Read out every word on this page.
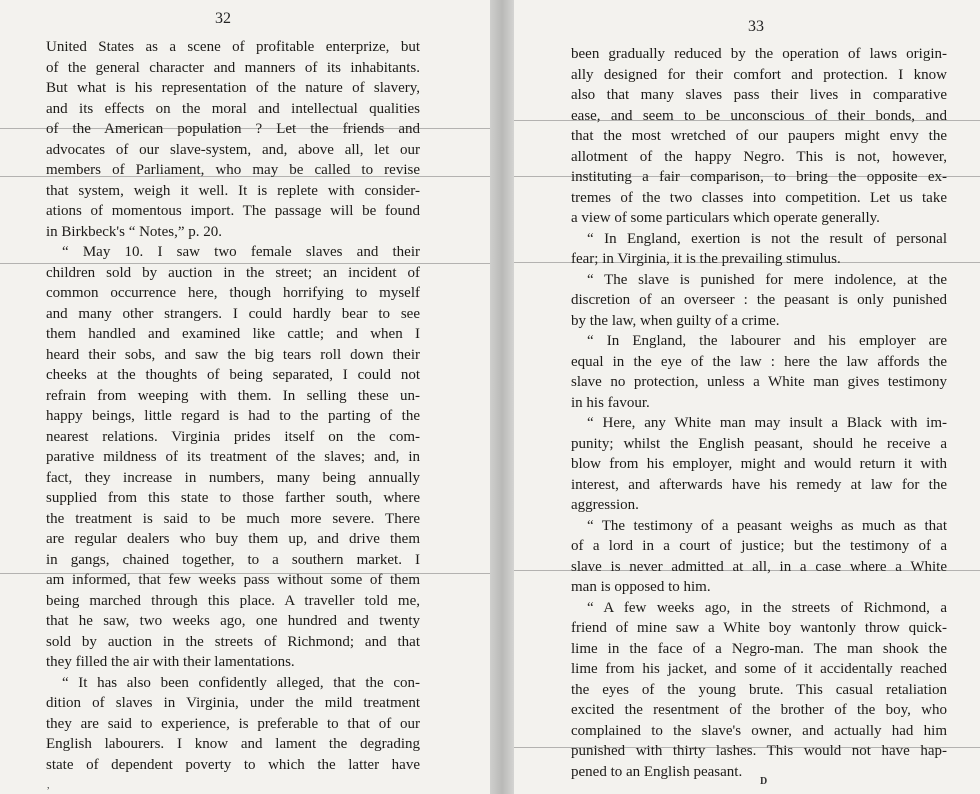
32
United States as a scene of profitable enterprize, but
of the general character and manners of its inhabitants.
But what is his representation of the nature of slavery,
and its effects on the moral and intellectual qualities
of the American population ? Let the friends and
advocates of our slave-system, and, above all, let our
members of Parliament, who may be called to revise
that system, weigh it well. It is replete with consider-
ations of momentous import. The passage will be found
in Birkbeck's “ Notes,” p. 20.
“ May 10. I saw two female slaves and their
children sold by auction in the street; an incident of
common occurrence here, though horrifying to myself
and many other strangers. I could hardly bear to see
them handled and examined like cattle; and when I
heard their sobs, and saw the big tears roll down their
cheeks at the thoughts of being separated, I could not
refrain from weeping with them. In selling these un-
happy beings, little regard is had to the parting of the
nearest relations. Virginia prides itself on the com-
parative mildness of its treatment of the slaves; and, in
fact, they increase in numbers, many being annually
supplied from this state to those farther south, where
the treatment is said to be much more severe. There
are regular dealers who buy them up, and drive them
in gangs, chained together, to a southern market. I
am informed, that few weeks pass without some of them
being marched through this place. A traveller told me,
that he saw, two weeks ago, one hundred and twenty
sold by auction in the streets of Richmond; and that
they filled the air with their lamentations.
“ It has also been confidently alleged, that the con-
dition of slaves in Virginia, under the mild treatment
they are said to experience, is preferable to that of our
English labourers. I know and lament the degrading
state of dependent poverty to which the latter have
,
33
been gradually reduced by the operation of laws origin-
ally designed for their comfort and protection. I know
also that many slaves pass their lives in comparative
ease, and seem to be unconscious of their bonds, and
that the most wretched of our paupers might envy the
allotment of the happy Negro. This is not, however,
instituting a fair comparison, to bring the opposite ex-
tremes of the two classes into competition. Let us take
a view of some particulars which operate generally.
“ In England, exertion is not the result of personal
fear; in Virginia, it is the prevailing stimulus.
“ The slave is punished for mere indolence, at the
discretion of an overseer : the peasant is only punished
by the law, when guilty of a crime.
“ In England, the labourer and his employer are
equal in the eye of the law : here the law affords the
slave no protection, unless a White man gives testimony
in his favour.
“ Here, any White man may insult a Black with im-
punity; whilst the English peasant, should he receive a
blow from his employer, might and would return it with
interest, and afterwards have his remedy at law for the
aggression.
“ The testimony of a peasant weighs as much as that
of a lord in a court of justice; but the testimony of a
slave is never admitted at all, in a case where a White
man is opposed to him.
“ A few weeks ago, in the streets of Richmond, a
friend of mine saw a White boy wantonly throw quick-
lime in the face of a Negro-man. The man shook the
lime from his jacket, and some of it accidentally reached
the eyes of the young brute. This casual retaliation
excited the resentment of the brother of the boy, who
complained to the slave's owner, and actually had him
punished with thirty lashes. This would not have hap-
pened to an English peasant.
D
